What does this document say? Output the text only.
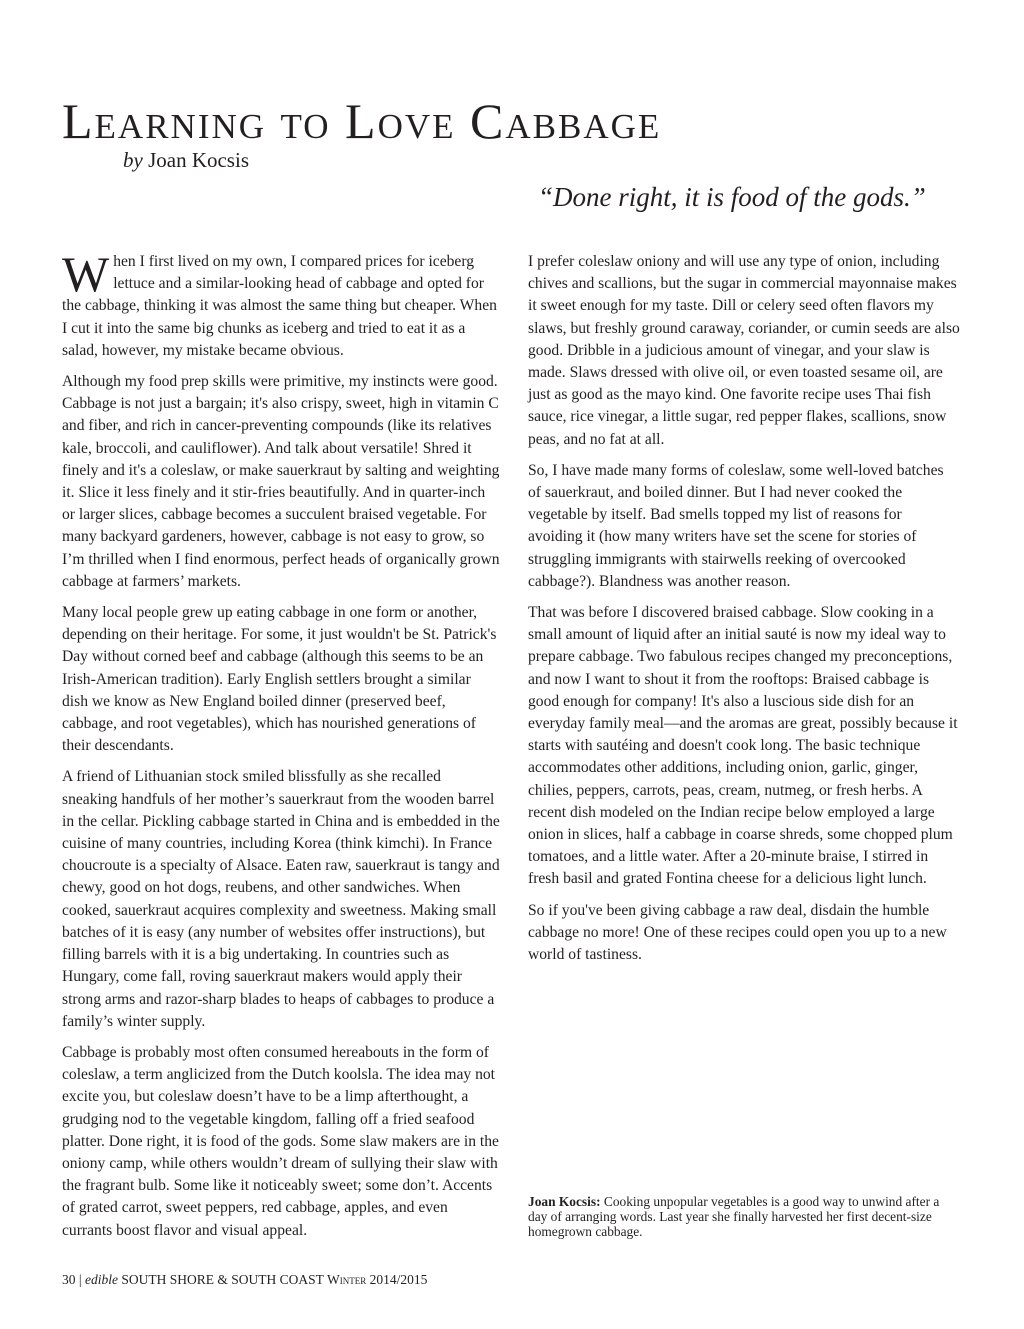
Learning to Love Cabbage

by Joan Kocsis

“Done right, it is food of the gods.”

When I first lived on my own, I compared prices for iceberg lettuce and a similar-looking head of cabbage and opted for the cabbage, thinking it was almost the same thing but cheaper. When I cut it into the same big chunks as iceberg and tried to eat it as a salad, however, my mistake became obvious.

Although my food prep skills were primitive, my instincts were good. Cabbage is not just a bargain; it's also crispy, sweet, high in vitamin C and fiber, and rich in cancer-preventing compounds (like its relatives kale, broccoli, and cauliflower). And talk about versatile! Shred it finely and it's a coleslaw, or make sauerkraut by salting and weighting it. Slice it less finely and it stir-fries beautifully. And in quarter-inch or larger slices, cabbage becomes a succulent braised vegetable. For many backyard gardeners, however, cabbage is not easy to grow, so I’m thrilled when I find enormous, perfect heads of organically grown cabbage at farmers’ markets.

Many local people grew up eating cabbage in one form or another, depending on their heritage. For some, it just wouldn't be St. Patrick's Day without corned beef and cabbage (although this seems to be an Irish-American tradition). Early English settlers brought a similar dish we know as New England boiled dinner (preserved beef, cabbage, and root vegetables), which has nourished generations of their descendants.

A friend of Lithuanian stock smiled blissfully as she recalled sneaking handfuls of her mother’s sauerkraut from the wooden barrel in the cellar. Pickling cabbage started in China and is embedded in the cuisine of many countries, including Korea (think kimchi). In France choucroute is a specialty of Alsace. Eaten raw, sauerkraut is tangy and chewy, good on hot dogs, reubens, and other sandwiches. When cooked, sauerkraut acquires complexity and sweetness. Making small batches of it is easy (any number of websites offer instructions), but filling barrels with it is a big undertaking. In countries such as Hungary, come fall, roving sauerkraut makers would apply their strong arms and razor-sharp blades to heaps of cabbages to produce a family’s winter supply.

Cabbage is probably most often consumed hereabouts in the form of coleslaw, a term anglicized from the Dutch koolsla. The idea may not excite you, but coleslaw doesn’t have to be a limp afterthought, a grudging nod to the vegetable kingdom, falling off a fried seafood platter. Done right, it is food of the gods. Some slaw makers are in the oniony camp, while others wouldn’t dream of sullying their slaw with the fragrant bulb. Some like it noticeably sweet; some don’t. Accents of grated carrot, sweet peppers, red cabbage, apples, and even currants boost flavor and visual appeal.

I prefer coleslaw oniony and will use any type of onion, including chives and scallions, but the sugar in commercial mayonnaise makes it sweet enough for my taste. Dill or celery seed often flavors my slaws, but freshly ground caraway, coriander, or cumin seeds are also good. Dribble in a judicious amount of vinegar, and your slaw is made. Slaws dressed with olive oil, or even toasted sesame oil, are just as good as the mayo kind. One favorite recipe uses Thai fish sauce, rice vinegar, a little sugar, red pepper flakes, scallions, snow peas, and no fat at all.

So, I have made many forms of coleslaw, some well-loved batches of sauerkraut, and boiled dinner. But I had never cooked the vegetable by itself. Bad smells topped my list of reasons for avoiding it (how many writers have set the scene for stories of struggling immigrants with stairwells reeking of overcooked cabbage?). Blandness was another reason.

That was before I discovered braised cabbage. Slow cooking in a small amount of liquid after an initial sauté is now my ideal way to prepare cabbage. Two fabulous recipes changed my preconceptions, and now I want to shout it from the rooftops: Braised cabbage is good enough for company! It's also a luscious side dish for an everyday family meal—and the aromas are great, possibly because it starts with sautéing and doesn't cook long. The basic technique accommodates other additions, including onion, garlic, ginger, chilies, peppers, carrots, peas, cream, nutmeg, or fresh herbs. A recent dish modeled on the Indian recipe below employed a large onion in slices, half a cabbage in coarse shreds, some chopped plum tomatoes, and a little water. After a 20-minute braise, I stirred in fresh basil and grated Fontina cheese for a delicious light lunch.

So if you've been giving cabbage a raw deal, disdain the humble cabbage no more! One of these recipes could open you up to a new world of tastiness.

Joan Kocsis: Cooking unpopular vegetables is a good way to unwind after a day of arranging words. Last year she finally harvested her first decent-size homegrown cabbage.

30 | edible SOUTH SHORE & SOUTH COAST Winter 2014/2015
